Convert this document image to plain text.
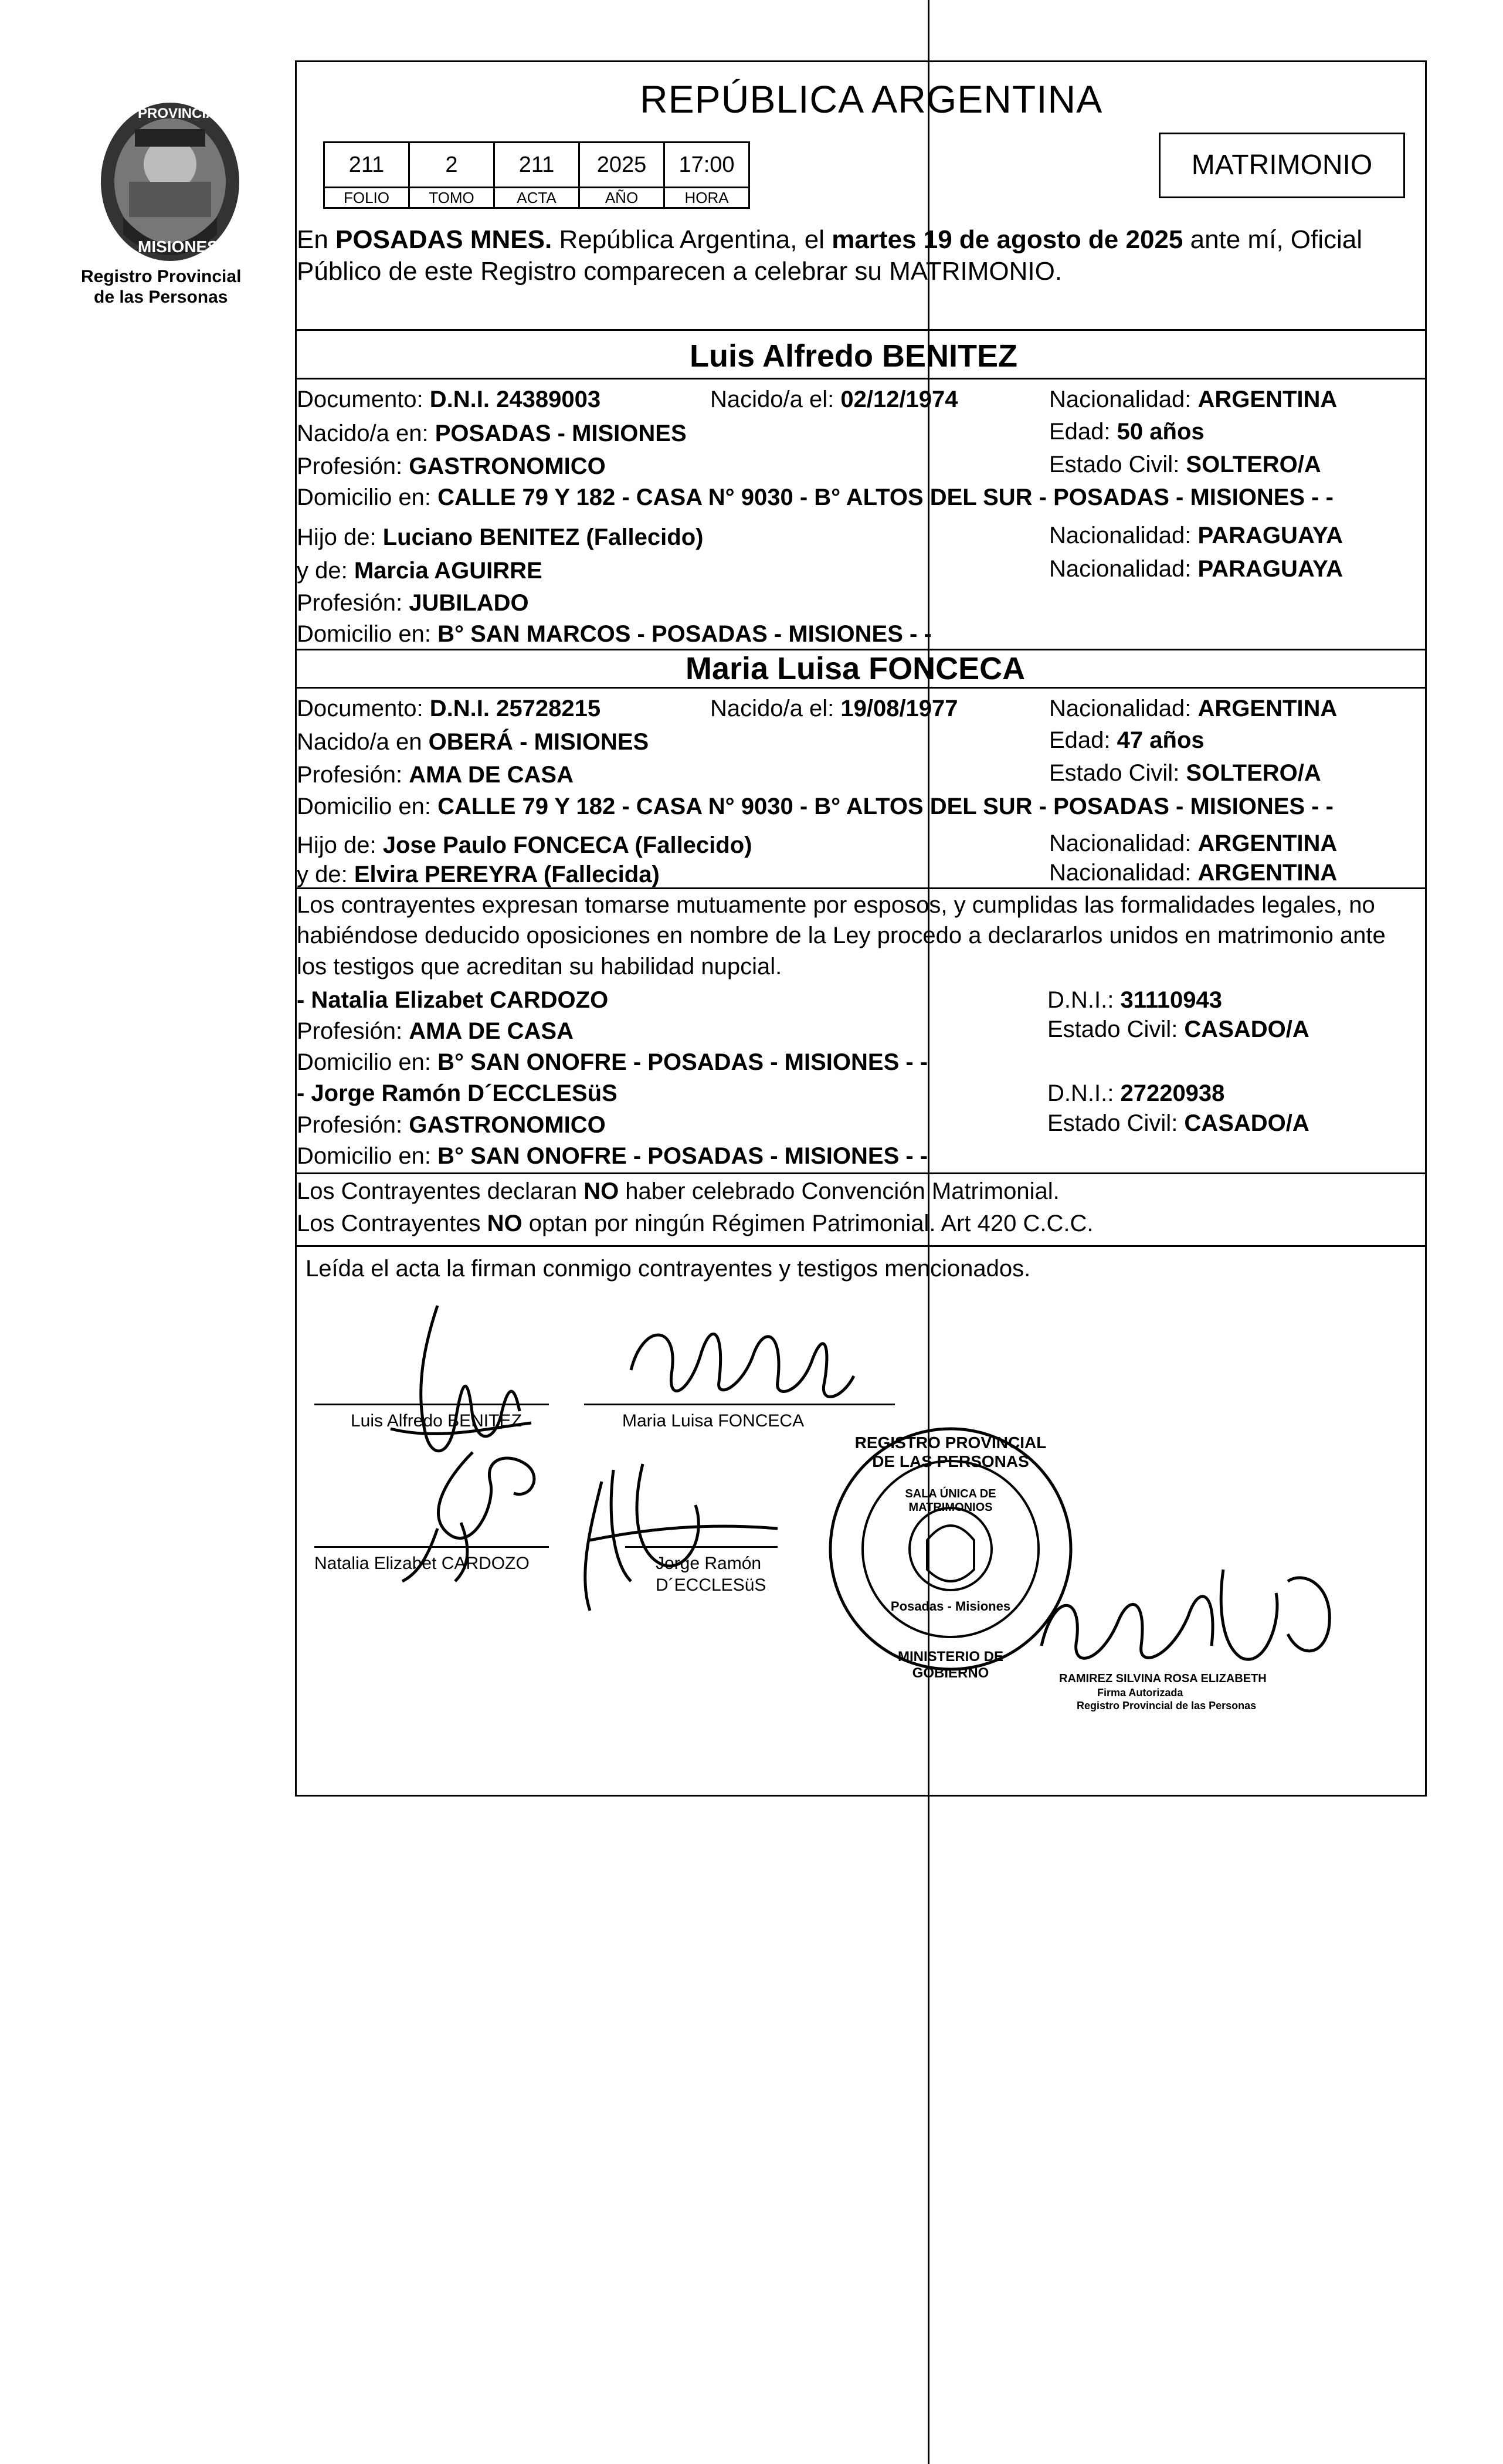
PROVINCIA DE
MISIONES
Registro Provincial
de las Personas
REPÚBLICA ARGENTINA
211	2	211	2025	17:00
FOLIO	TOMO	ACTA	AÑO	HORA
MATRIMONIO
En POSADAS MNES. República Argentina, el martes 19 de agosto de 2025 ante mí, Oficial
Público de este Registro comparecen a celebrar su MATRIMONIO.
Luis Alfredo BENITEZ
Documento: D.N.I. 24389003	Nacido/a el: 02/12/1974	Nacionalidad: ARGENTINA
Nacido/a en: POSADAS - MISIONES	Edad: 50 años
Profesión: GASTRONOMICO	Estado Civil: SOLTERO/A
Domicilio en: CALLE 79 Y 182 - CASA N° 9030 - B° ALTOS DEL SUR - POSADAS - MISIONES - -
Hijo de: Luciano BENITEZ (Fallecido)	Nacionalidad: PARAGUAYA
y de: Marcia AGUIRRE	Nacionalidad: PARAGUAYA
Profesión: JUBILADO
Domicilio en: B° SAN MARCOS - POSADAS - MISIONES - -
Maria Luisa FONCECA
Documento: D.N.I. 25728215	Nacido/a el: 19/08/1977	Nacionalidad: ARGENTINA
Nacido/a en OBERÁ - MISIONES	Edad: 47 años
Profesión: AMA DE CASA	Estado Civil: SOLTERO/A
Domicilio en: CALLE 79 Y 182 - CASA N° 9030 - B° ALTOS DEL SUR - POSADAS - MISIONES - -
Hijo de: Jose Paulo FONCECA (Fallecido)	Nacionalidad: ARGENTINA
y de: Elvira PEREYRA (Fallecida)	Nacionalidad: ARGENTINA
Los contrayentes expresan tomarse mutuamente por esposos, y cumplidas las formalidades legales, no
habiéndose deducido oposiciones en nombre de la Ley procedo a declararlos unidos en matrimonio ante
los testigos que acreditan su habilidad nupcial.
- Natalia Elizabet CARDOZO	D.N.I.: 31110943
Profesión: AMA DE CASA	Estado Civil: CASADO/A
Domicilio en: B° SAN ONOFRE - POSADAS - MISIONES - -
- Jorge Ramón D´ECCLESüS	D.N.I.: 27220938
Profesión: GASTRONOMICO	Estado Civil: CASADO/A
Domicilio en: B° SAN ONOFRE - POSADAS - MISIONES - -
Los Contrayentes declaran NO haber celebrado Convención Matrimonial.
Los Contrayentes NO optan por ningún Régimen Patrimonial. Art 420 C.C.C.
Leída el acta la firman conmigo contrayentes y testigos mencionados.
Luis Alfredo BENITEZ	Maria Luisa FONCECA
Natalia Elizabet CARDOZO	Jorge Ramón
D´ECCLESüS
REGISTRO PROVINCIAL DE LAS PERSONAS
SALA ÚNICA DE MATRIMONIOS
Posadas - Misiones
MINISTERIO DE GOBIERNO	RAMIREZ SILVINA ROSA ELIZABETH
Firma Autorizada
Registro Provincial de las Personas
